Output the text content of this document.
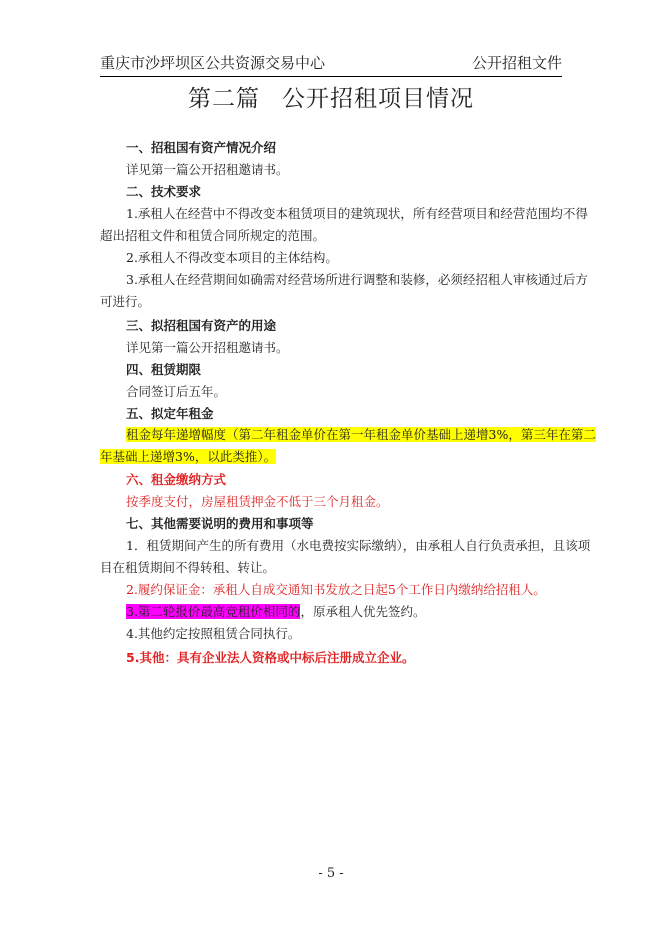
重庆市沙坪坝区公共资源交易中心	公开招租文件
第二篇 公开招租项目情况
一、招租国有资产情况介绍
详见第一篇公开招租邀请书。
二、技术要求
1.承租人在经营中不得改变本租赁项目的建筑现状，所有经营项目和经营范围均不得
超出招租文件和租赁合同所规定的范围。
2.承租人不得改变本项目的主体结构。
3.承租人在经营期间如确需对经营场所进行调整和装修，必须经招租人审核通过后方
可进行。
三、拟招租国有资产的用途
详见第一篇公开招租邀请书。
四、租赁期限
合同签订后五年。
五、拟定年租金
租金每年递增幅度（第二年租金单价在第一年租金单价基础上递增3%，第三年在第二
年基础上递增3%，以此类推）。
六、租金缴纳方式
按季度支付，房屋租赁押金不低于三个月租金。
七、其他需要说明的费用和事项等
1．租赁期间产生的所有费用（水电费按实际缴纳），由承租人自行负责承担，且该项
目在租赁期间不得转租、转让。
2.履约保证金：承租人自成交通知书发放之日起5个工作日内缴纳给招租人。
3.第二轮报价最高竞租价相同的，原承租人优先签约。
4.其他约定按照租赁合同执行。
5.其他：具有企业法人资格或中标后注册成立企业。
- 5 -
